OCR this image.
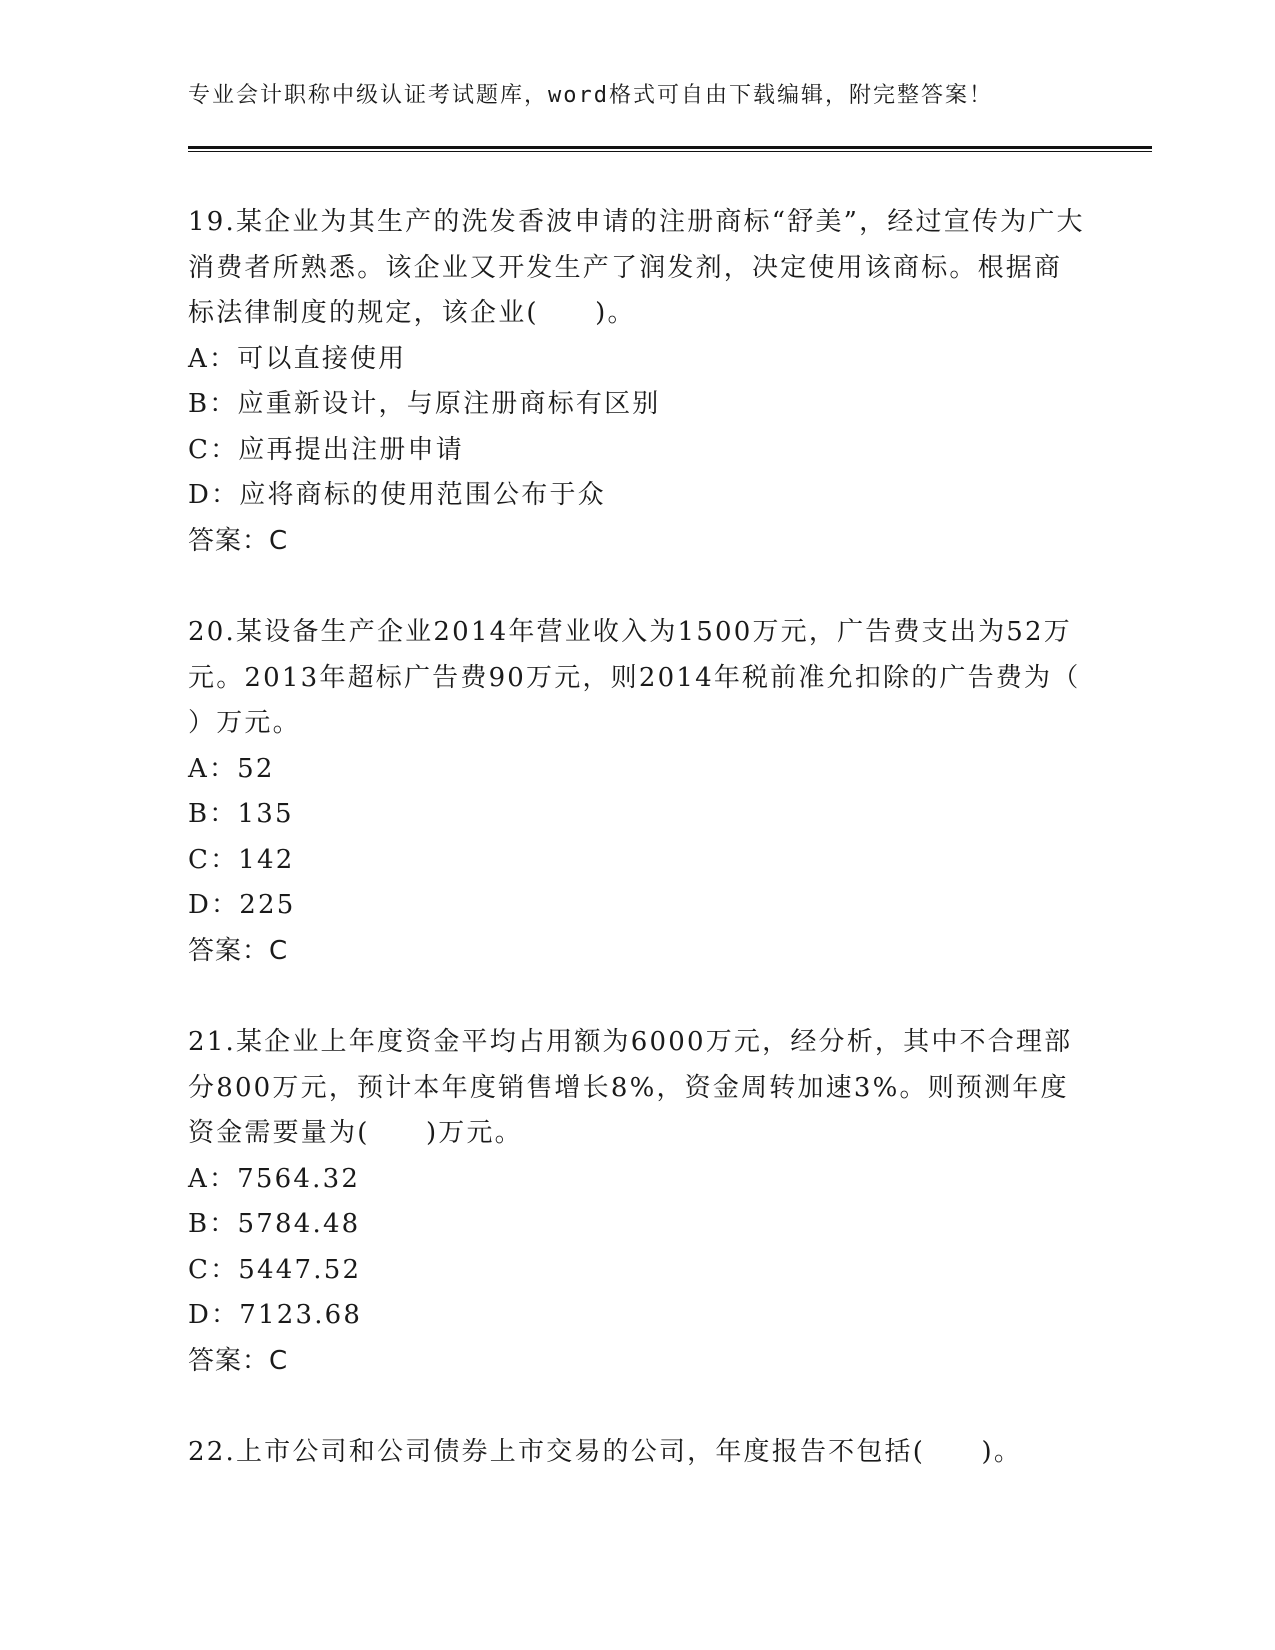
专业会计职称中级认证考试题库，word格式可自由下载编辑，附完整答案！

19.某企业为其生产的洗发香波申请的注册商标“舒美”，经过宣传为广大消费者所熟悉。该企业又开发生产了润发剂，决定使用该商标。根据商标法律制度的规定，该企业(　　)。

A：可以直接使用

B：应重新设计，与原注册商标有区别

C：应再提出注册申请

D：应将商标的使用范围公布于众

答案：C

20.某设备生产企业2014年营业收入为1500万元，广告费支出为52万元。2013年超标广告费90万元，则2014年税前准允扣除的广告费为（ ）万元。

A：52

B：135

C：142

D：225

答案：C

21.某企业上年度资金平均占用额为6000万元，经分析，其中不合理部分800万元，预计本年度销售增长8%，资金周转加速3%。则预测年度资金需要量为(　　)万元。

A：7564.32

B：5784.48

C：5447.52

D：7123.68

答案：C

22.上市公司和公司债券上市交易的公司，年度报告不包括(　　)。
